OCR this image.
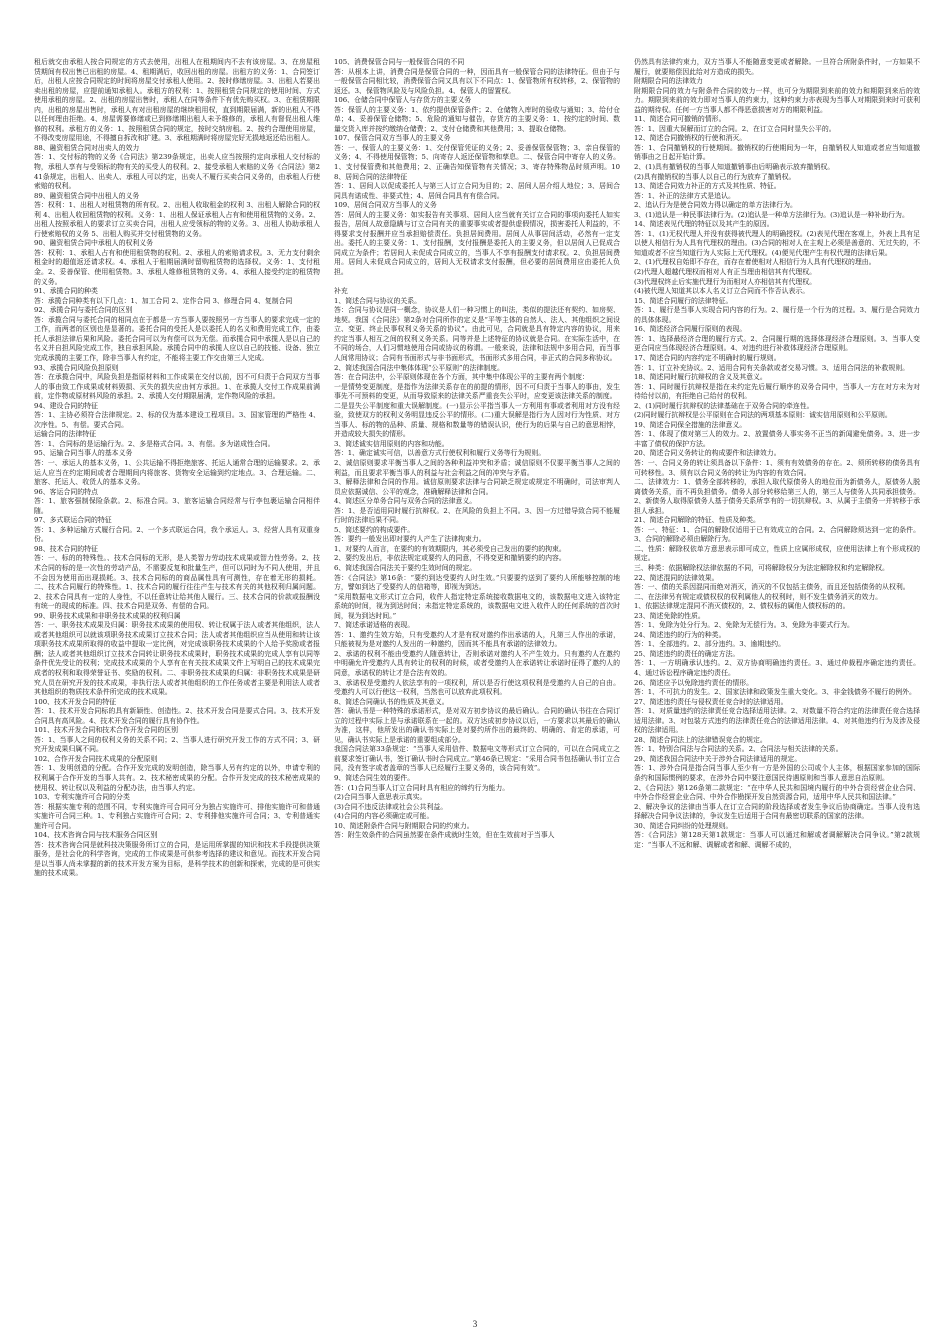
租后就交由承租人按合同规定的方式去使用，出租人在租期间内不去有该房屋。3、在房屋租赁期间有权出售已出租的房屋。4、租期满后，收回出租的房屋。出租方的义务：1、合同签订后，出租人应按合同规定的时间将房屋交付承租人使用。2、按时修缮房屋。3、出租人若要出卖出租的房屋，应提前通知承租人。承租方的权利：1、按照租赁合同规定的使用时间、方式使用承租的房屋。2、出租的房屋出售时，承租人在同等条件下有优先购买权。3、在租赁期限内，出租的房屋出售时，承租人有对出租房屋的继续租用权，直到期限届满，新的出租人不得以任何理由拒绝。4、房屋需要修缮或已到修缮期出租人未予维修的，承租人有督促出租人维修的权利。承租方的义务：1、按照租赁合同的规定，按时交纳房租。2、按约合理使用房屋，不得改变房屋用途，不得擅自拆改和扩建。3、承租期满时将房屋完好无损地返还给出租人。

88、融资租赁合同对出卖人的效力

答：1、交付标的物的义务《合同法》第239条规定，出卖人应当按照约定向承租人交付标的物，承租人享有与受领标的物有关的买受人的权利。2、接受承租人索赔的义务《合同法》第241条规定，出租人、出卖人、承租人可以约定，出卖人不履行买卖合同义务的，由承租人行使索赔的权利。

89、融资租赁合同中出租人的义务

答：权利：1、出租人对租赁物的所有权。2、出租人收取租金的权利 3、出租人解除合同的权利 4、出租人收回租赁物的权利。义务：1、出租人保证承租人占有和使用租赁物的义务。2、出租人按照承租人的要求订立买卖合同，出租人应受领标的物的义务。3、出租人协助承租人行使索赔权的义务 5、出租人购买并交付租赁物的义务。

90、融资租赁合同中承租人的权利义务

答：权利：1、承租人占有和使用租赁物的权利。2、承租人的索赔请求权。3、无力支付剩余租金时的超值返还请求权。4、承租人于租期届满时留购租赁物的选择权。义务：1、支付租金。2、妥善保管、使用租赁物。3、承租人维修租赁物的义务。4、承租人接受约定的租赁物的义务。

91、承揽合同的种类

答：承揽合同种类有以下几点：1、加工合同 2、定作合同 3、修理合同 4、复制合同

92、承揽合同与委托合同的区别

答：承揽合同与委托合同的相同点在于都是一方当事人要按照另一方当事人的要求完成一定的工作，而两者的区别也是显著的。委托合同的受托人是以委托人的名义和费用完成工作，由委托人承担法律后果和风险。委托合同可以为有偿可以为无偿。而承揽合同中承揽人是以自己的名义并自担风险完成工作，独自承担风险。承揽合同中的承揽人应以自己的技能、设备、独立完成承揽的主要工作，除非当事人有约定，不能将主要工作交由第三人完成。

93、承揽合同风险负担原则

答：在承揽合同中，风险负担是指原材料和工作成果在交付以前，因不可归责于合同双方当事人的事由致工作成果或材料毁损、灭失的损失应由何方承担。1、在承揽人交付工作成果前满前，定作物或原材料风险的承担。2、承揽人交付期限届满，定作物风险的承担。

94、建设合同的特征

答：1、主协必须符合法律规定。2、标的仅为基本建设工程项目。3、国家管理的严格性 4、次序性。5、有偿。要式合同。

运输合同的法律特征

答：1、合同标的是运输行为。2、多是格式合同。3、有偿。多为诺成性合同。

95、运输合同当事人的基本义务

答：一、承运人的基本义务，1、公共运输不得拒绝旅客、托运人通常合理的运输要求。2、承运人应当在约定期间或者合理期间内将旅客、货物安全运输到约定地点。3、合理运输。二、旅客、托运人、收货人的基本义务。

96、客运合同的特点

答：1、旅客强制保险条款。2、标准合同。3、旅客运输合同经常与行李包裹运输合同相伴随。

97、多式联运合同的特征

答：1、多种运输方式履行合同。2、一个多式联运合同，我个承运人。3、经营人具有双重身份。

98、技术合同的特征

答：一、标的的特殊性。、技术合同标的无形，是人类智力劳动技术成果或智力性劳务。2、技术合同的标的是一次性的劳动产品，不需要反复和批量生产，但可以同时为不同人使用，并且不会因为使用而出现损耗。3、技术合同标的的商品属性具有可测性，存在着无形的损耗。二、技术合同履行的特殊性。1、技术合同的履行往往产生与技术有关的其他权利归属问题。2、技术合同具有一定的人身性，不以任意转让给其他人履行。三、技术合同的价款或报酬没有统一的现成的标准。四、技术合同是双务、有偿的合同。

99、职务技术成果和非职务技术成果的权利归属

答：一、职务技术成果及归属：职务技术成果的使用权、转让权属于法人或者其他组织，法人或者其他组织可以就该项职务技术成果订立技术合同；法人或者其他组织应当从使用和转让该项职务技术成果所取得的收益中提取一定比例，对完成该职务技术成果的个人给予奖励或者报酬；法人或者其他组织订立技术合同转让职务技术成果时，职务技术成果的完成人享有以同等条件优先受让的权利；完成技术成果的个人享有在有关技术成果文件上写明自己的技术成果完成者的权利和取得荣誉证书、奖励的权利。二、非职务技术成果的归属：非职务技术成果是研究人员在研究开发的技术成果，非执行法人或者其他组织的工作任务或者主要是利用法人或者其他组织的物质技术条件所完成的技术成果。

100、技术开发合同的特征

答：1、技术开发合同标的具有新颖性、创造性。2、技术开发合同是要式合同。3、技术开发合同具有高风险。4、技术开发合同的履行具有协作性。

101、技术开发合同和技术合作开发合同的区别

答：1、当事人之间的权利义务的关系不同；2、当事人进行研究开发工作的方式不同；3、研究开发成果归属不同。

102、合作开发合同技术成果的分配原则

答：1、发明创造的分配。合作开发完成的发明创造，除当事人另有约定的以外，申请专利的权利属于合作开发的当事人共有。2、技术秘密成果的分配。合作开发完成的技术秘密成果的使用权、转让权以及利益的分配办法，由当事人约定。

103、专利实施许可合同的分类

答：根据实施专利的范围不同，专利实施许可合同可分为独占实施许可、排他实施许可和普通实施许可合同三种。1、专利独占实施许可合同；2、专利排他实施许可合同；3、专利普通实施许可合同。

104、技术咨询合同与技术服务合同区别

答：技术咨询合同是就科技决策服务所订立的合同，是运用所掌握的知识和技术手段提供决策服务，是社会化的科学咨询，完成的工作成果是可供参考选择的建议和意见。而技术开发合同是以当事人尚未掌握的新的技术开发方案为目标，是科学技术的创新和探索，完成的是可供实施的技术成果。

105、消费保管合同与一般保管合同的不同

答：从根本上讲，消费合同是保管合同的一种，因而具有一般保管合同的法律特征。但由于与一般保管合同相比较，消费保管合同又具有以下不同点：1、保管物所有权转移，2、保管物的返还。3、保管物风险及与风险负担。4、保管人的留置权。

106、仓储合同中保管人与存货方的主要义务

答：保管人的主要义务：1、依约提供保管条件；2、仓储物入库时的验收与通知；3、给付仓单；4、妥善保管仓储物；5、危险的通知与催告，存货方的主要义务：1、按约定的时间、数量交货入库并按约缴纳仓储费；2、支付仓储费和其他费用；3、提取仓储物。

107、保管合同双方当事人的主要义务

答：一、保管人的主要义务：1、交付保管凭证的义务；2、妥善保管保管物；3、亲自保管的义务；4、不得使用保管物；5、向寄存人返还保管物和孳息。二、保管合同中寄存人的义务。1、支付保管费和其他费用；2、正确告知保管物有关情况；3、寄存特殊物品时须声明。108、居间合同的法律特征

答：1、居间人以促成委托人与第三人订立合同为目的；2、居间人居介绍人地位；3、居间合同具有诺成性、非要式性；4、居间合同具有有偿合同。

109、居间合同双方当事人的义务

答：居间人的主要义务：如实报告有关事项、居间人应当就有关订立合同的事项向委托人如实报告，居间人故意隐瞒与订立合同有关的重要事实或者提供虚假情况，损害委托人利益的，不得要求支付报酬并应当承担赔偿责任。负担居间费用。居间人从事居间活动，必然有一定支出。委托人的主要义务：1、支付报酬，支付报酬是委托人的主要义务，但以居间人已促成合同成立为条件；若居间人未促成合同成立的，当事人不享有报酬支付请求权。2、负担居间费用。居间人未促成合同成立的，居间人无权请求支付报酬，但必要的居间费用应由委托人负担。

补充

1、简述合同与协议的关系。

答：合同与协议是同一概念，协议是人们一种习惯上的叫法，类似的提法还有契约、如房契、地契。我国《合同法》第2条对合同所作的定义是“平等主体的自然人、法人、其他组织之间设立、变更、终止民事权利义务关系的协议”。由此可见，合同就是具有特定内容的协议，用来约定当事人相互之间的权利义务关系。同等并是上述特征的协议就是合同。在实际生活中，在不同的场合，人们习惯地使用合同或协议的称谓。一般来说，法律和法规中多用合同，而当事人间常用协议；合同有书面形式与非书面形式，书面形式多用合同，非正式的合同多称协议。

2、简述我国合同法中集体体现“公平原则”的法律制度。

答：在合同法中，公平原则体现在各个方面，其中集中体现公平的主要有两个制度：

一是情势变更制度，是指作为法律关系存在的前提的情形，因不可归责于当事人的事由，发生事先不可预料的变更，从而导致原来的法律关系严重丧失公平时，应变更该法律关系的制度。

二是显失公平制度和重大误解制度。(一)显示公平指当事人一方利用有事或者利用对方没有经验，致使双方的权利义务明显违反公平的情形。(二)重大误解是指行为人因对行为性质、对方当事人、标的物的品种、质量、规格和数量等的错误认识，使行为的后果与自己的意思相悖，并造成较大损失的情形。

3、简述诚实信用原则的内容和功能。

答：1、确定诚实可信，以善意方式行使权利和履行义务等行为规则。

2、诚信原则要求平衡当事人之间的各种利益冲突和矛盾；诚信原则不仅要平衡当事人之间的利益，而且要求平衡当事人的利益与社会利益之间的冲突与矛盾。

3、解释法律和合同的作用。诚信原则要求法律与合同缺乏规定或规定不明确时，司法审判人员应依据诚信、公平的观念，准确解释法律和合同。

4、简述区分单务合同与双务合同的法律意义。

答：1、是否适用同时履行抗辩权。2、在风险的负担上不同。3、因一方过错导致合同不能履行时的法律后果不同。

5、简述要约的构成要件。

答：要约一般发出即对要约人产生了法律拘束力。

1、对要约人而言，在要约的有效期限内，其必须受自己发出的要约的拘束。

2、要约发出后，非依法规定或要约人的同意，不得变更和撤销要约的内容。

6、简述我国合同法关于要约生效时间的规定。

答：《合同法》第16条：“要约到达受要约人时生效。”只要要约送到了要约人所能够控制的地方，譬如到达了受要约人的信箱等，即视为到达。

“采用数据电文形式订立合同，收件人指定特定系统接收数据电文的，该数据电文进入该特定系统的时间，视为到达时间；未指定特定系统的，该数据电文进入收件人的任何系统的首次时间，视为到达时间。”

7、简述承诺适格的表现。

答：1、邀约生效方始，只有受邀约人才是有权对邀约作出承诺的人，凡第三人作出的承诺，只能被视为是对邀约人发出的一种邀约，因而其不能具有承诺的法律效力。

2、承诺的权利不能由受邀约人随意转让，否则承诺对邀约人不产生效力。只有邀约人在邀约中明确允许受邀约人具有转让的权利的时候，或者受邀约人在承诺转让承诺时征得了邀约人的同意，承诺权的转让才是合法有效的。

3、承诺权是受邀约人依法享有的一项权利，所以是否行使这项权利是受邀约人自己的自由。受邀约人可以行使这一权利，当然也可以放弃此项权利。

8、简述合同确认书的性质及其意义。

答：确认书是一种特殊的承诺形式，是对双方初步协议的最后确认。合同的确认书往在合同订立的过程中实际上是与承诺联系在一起的。双方达成初步协议以后，一方要求以其最后的确认为准，这样，他所发出的确认书实际上是对要约所作出的最终的、明确的、肯定的承诺，可见，确认书实际上是承诺的重要组成部分。

我国合同法第33条规定：“当事人采用信件、数据电文等形式订立合同的，可以在合同成立之前要求签订确认书，签订确认书时合同成立。”第46条已规定：“采用合同书包括确认书订立合同，没有签字或者盖章的当事人已经履行主要义务的，该合同有效”。

9、简述合同生效的要件。

答：(1)合同当事人订立合同时具有相应的缔约行为能力。

(2)合同当事人意思表示真实。

(3)合同不违反法律或社会公共利益。

(4)合同的内容必须确定或可能。

10、简述附条件合同与附期限合同的约束力。

答：附生效条件的合同虽然要在条件成就时生效，但在生效前对于当事人

仍然具有法律约束力，双方当事人不能随意变更或者解除。一旦符合所附条件时，一方如果不履行，就要赔偿因此给对方造成的损失。

附期限合同的法律效力

附期限合同的效力与附条件合同的效力一样，也可分为期限到来前的效力和期限到来后的效力。期限到来前的效力即对当事人的约束力，这种约束力亦表现为当事人对期限到来时可获利益的期待权。任何一方当事人都不得恶意损害对方的期限利益。

11、简述合同可撤销的情形。

答：1、因重大误解而订立的合同。2、在订立合同时显失公平的。

12、简述合同撤销权的行使和消灭。

答：1、合同撤销权的行使期间。撤销权的行使期间为一年，自撤销权人知道或者应当知道撤销事由之日起开始计算。

2、(1)具有撤销权的当事人知道撤销事由后明确表示放弃撤销权。

(2)具有撤销权的当事人以自己的行为放弃了撤销权。

13、简述合同效力补正的方式及其性质、特征。

答：1、补正的法律方式是追认。

2、追认行为是使合同效力得以确定的单方法律行为。

3、(1)追认是一种民事法律行为。(2)追认是一种单方法律行为。(3)追认是一种补助行为。

14、简述表见代理的特征以及其产生的原因。

答：1、(1)无权代理人并没有获得被代理人的明确授权。(2)表见代理在客观上，外表上具有足以使人相信行为人具有代理权的理由。(3)合同的相对人在主观上必须是善意的、无过失的，不知道或者不应当知道行为人实际上无代理权。(4)便见代理产生有权代理的法律后果。

2、(1)代理权自始即不存在，而存在着使相对人相信行为人具有代理权的理由。

(2)代理人超越代理权而相对人有正当理由相信其有代理权。

(3)代理权终止后实施代理行为而相对人亦相信其有代理权。

(4)被代理人知道其以本人名义订立合同而不作否认表示。

15、简述合同履行的法律特征。

答：1、履行是当事人实现合同内容的行为。2、履行是一个行为的过程。3、履行是合同效力的具体体现。

16、简述经济合同履行原则的表现。

答：1、选择最经济合理的履行方式。2、合同履行期的选择体现经济合理原则。3、当事人变更合同应当体现经济合理原则。4、对违约进行补救体现经济合理原则。

17、简述合同的内容约定不明确时的履行规则。

答：1、订立补充协议。2、适用合同有关条款或者交易习惯。3、适用合同法的补救规则。

18、简述同时履行抗辩权的含义及其意义。

答：1、同时履行抗辩权是指在未约定先后履行顺序的双务合同中，当事人一方在对方未为对待给付以前，有拒绝自己给付的权利。

2、(1)同时履行抗辩权的法律基础在于双务合同的牵连性。

(2)同时履行抗辩权是公平原则在合同法的两项基本原则：诚实信用原则和公平原则。

19、简述合同保全措施的法律意义。

答：1、体现了债对第三人的效力。2、放置债务人事实务不正当的新闻避免债务。3、进一步丰富了债权的保护方法。

20、简述合同义务转让的构成要件和法律效力。

答：一、合同义务的转让须具备以下条件：1、须有有效债务的存在。2、须所转移的债务具有可转移性。3、须有以合同义务的转让为内容的有效合同。

二、法律效力：1、债务全部转移的，承担人取代原债务人的地位而为新债务人，原债务人脱离债务关系，而不再负担债务。债务人部分转移给第三人的，第三人与债务人共同承担债务。2、新债务人取得原债务人基于债务关系所享有的一切抗辩权。3、从属于主债务一并转移于承担人承担。

21、简述合同解除的特征、性质及种类。

答：一、特征：1、合同的解除仅适用于已有效成立的合同。2、合同解除须达到一定的条件。3、合同的解除必须由解除行为。

二、性质：解除权依单方意思表示即可成立，性质上应属形成权，应使用法律上有个形成权的规定。

三、种类：依据解除权法律依据的不同，可将解除权分为法定解除权和约定解除权。

22、简述混同的法律效果。

答：一、债的关系因混同而绝对消灭，消灭的不仅包括主债务，而且还包括债务的从权利。

二、在法律另有规定或债权权的权利属他人的权利时，则不发生债务消灭的效力。

1、依据法律规定混同不消灭债权的，2、债权标的属他人债权标的的。

23、简述免除的性质。

答：1、免除为处分行为。2、免除为无偿行为。3、免除为非要式行为。

24、简述违约的行为的种类。

答：1、全部违约。2、部分违约。3、逾期违约。

25、简述违约的责任的确定方法。

答：1、一方明确承认违约。2、双方协商明确违约责任。3、通过仲裁程序确定违约责任。4、通过诉讼程序确定违约责任。

26、简述应予以免除违约责任的情形。

答：1、不可抗力的发生。2、国家法律和政策发生重大变化。3、非金钱债务不履行的例外。

27、简述违约责任与侵权责任竞合时的法律适用。

答：1、对质量违约的法律责任竞合选择适用法律。2、对数量不符合约定的法律责任竞合选择适用法律。3、对包装方式违约的法律责任竞合的法律适用法律。4、对其他违约行为及涉及侵权的法律适用。

28、简述合同法上的法律错误竞合的规定。

答：1、特别合同法与合同法的关系。2、合同法与相关法律的关系。

29、简述我国合同法中关于涉外合同法律适用的规定。

答：1、涉外合同是指合同当事人至少有一方是外国的公司或个人主体，根据国家参加的国际条约和国际惯例的要求，在涉外合同中要注意国民待遇原则和当事人意思自治原则。

2、《合同法》第126条第二款规定：“在中华人民共和国境内履行的中外合资经营企业合同、中外合作经营企业合同、中外合作勘探开发自然资源合同，适用中华人民共和国法律。”

2、解决争议的法律由当事人在订立合同的阶段选择或者发生争议后协商确定。当事人没有选择解决合同争议法律的，争议发生后适用于合同有最密切联系的国家的法律。

30、简述合同纠纷的处理规则。

答：《合同法》第128天第1款规定：当事人可以通过和解或者调解解决合同争议。”第2款规定：“当事人不远和解、调解或者和解、调解不成的，

3
